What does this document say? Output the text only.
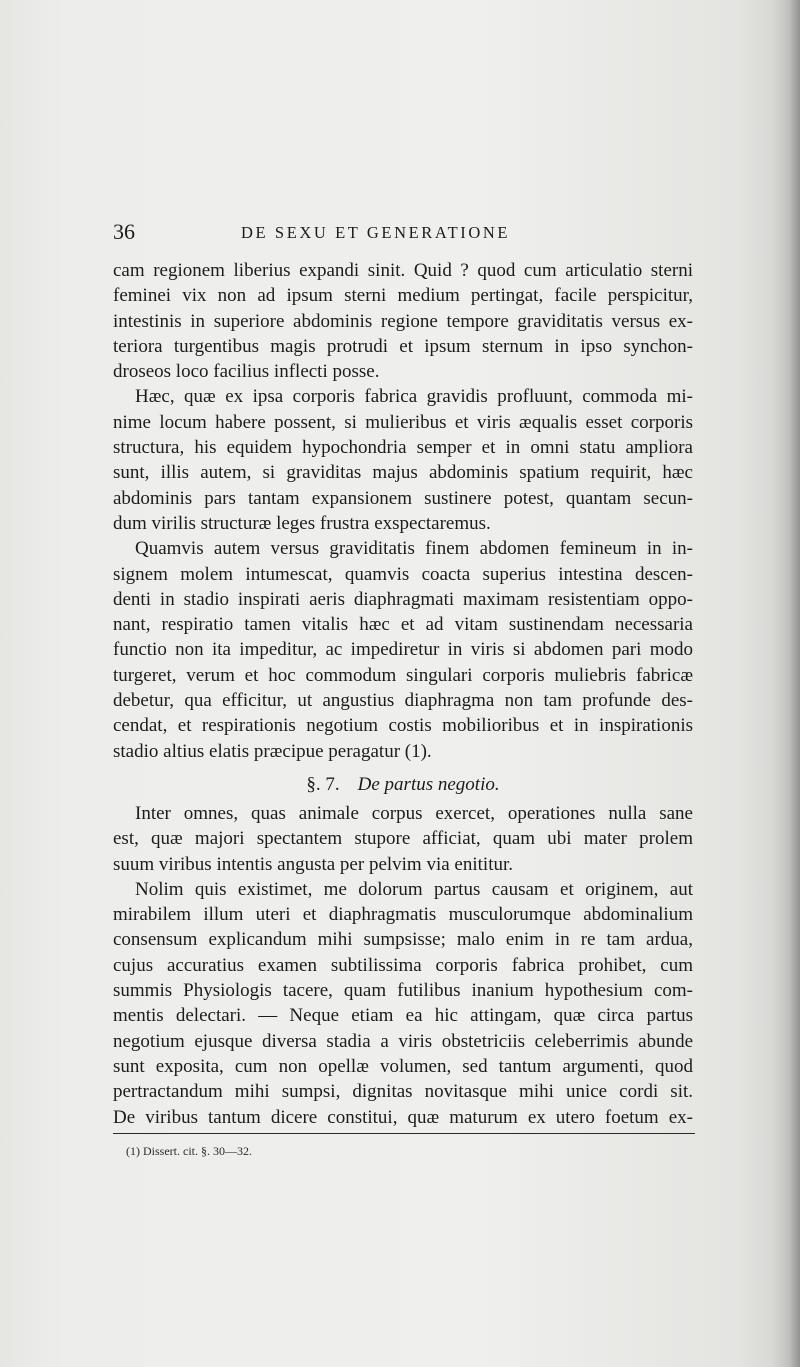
36	DE SEXU ET GENERATIONE
cam regionem liberius expandi sinit. Quid ? quod cum articulatio sterni
feminei vix non ad ipsum sterni medium pertingat, facile perspicitur,
intestinis in superiore abdominis regione tempore graviditatis versus ex-
teriora turgentibus magis protrudi et ipsum sternum in ipso synchon-
droseos loco facilius inflecti posse.
Hæc, quæ ex ipsa corporis fabrica gravidis profluunt, commoda mi-
nime locum habere possent, si mulieribus et viris æqualis esset corporis
structura, his equidem hypochondria semper et in omni statu ampliora
sunt, illis autem, si graviditas majus abdominis spatium requirit, hæc
abdominis pars tantam expansionem sustinere potest, quantam secun-
dum virilis structuræ leges frustra exspectaremus.
Quamvis autem versus graviditatis finem abdomen femineum in in-
signem molem intumescat, quamvis coacta superius intestina descen-
denti in stadio inspirati aeris diaphragmati maximam resistentiam oppo-
nant, respiratio tamen vitalis hæc et ad vitam sustinendam necessaria
functio non ita impeditur, ac impediretur in viris si abdomen pari modo
turgeret, verum et hoc commodum singulari corporis muliebris fabricæ
debetur, qua efficitur, ut angustius diaphragma non tam profunde des-
cendat, et respirationis negotium costis mobilioribus et in inspirationis
stadio altius elatis præcipue peragatur (1).
§. 7. De partus negotio.
Inter omnes, quas animale corpus exercet, operationes nulla sane
est, quæ majori spectantem stupore afficiat, quam ubi mater prolem
suum viribus intentis angusta per pelvim via enititur.
Nolim quis existimet, me dolorum partus causam et originem, aut
mirabilem illum uteri et diaphragmatis musculorumque abdominalium
consensum explicandum mihi sumpsisse; malo enim in re tam ardua,
cujus accuratius examen subtilissima corporis fabrica prohibet, cum
summis Physiologis tacere, quam futilibus inanium hypothesium com-
mentis delectari. — Neque etiam ea hic attingam, quæ circa partus
negotium ejusque diversa stadia a viris obstetriciis celeberrimis abunde
sunt exposita, cum non opellæ volumen, sed tantum argumenti, quod
pertractandum mihi sumpsi, dignitas novitasque mihi unice cordi sit.
De viribus tantum dicere constitui, quæ maturum ex utero foetum ex-
(1) Dissert. cit. §. 30—32.
